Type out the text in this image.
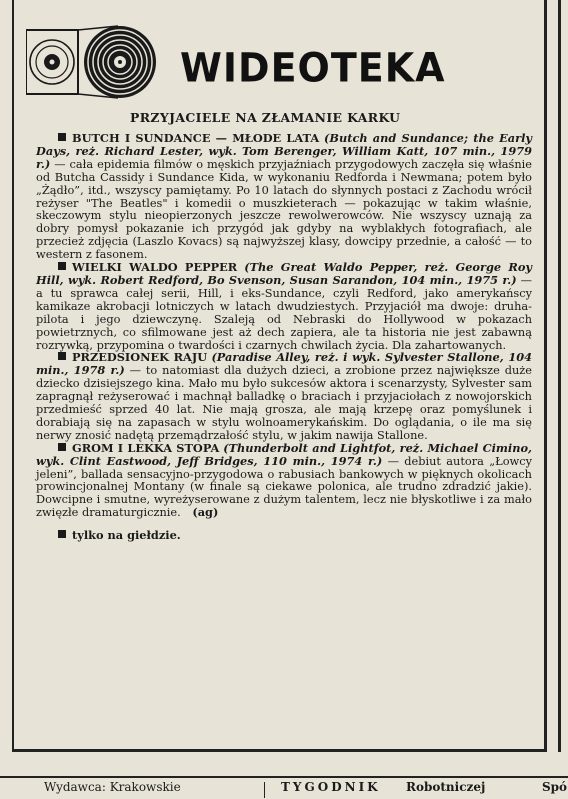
WIDEOTEKA
PRZYJACIELE NA ZŁAMANIE KARKU

BUTCH I SUNDANCE — MŁODE LATA (Butch and Sundance; the Early Days, reż. Richard Lester, wyk. Tom Berenger, William Katt, 107 min., 1979 r.) — cała epidemia filmów o męskich przyjaźniach przygodowych zaczęła się właśnie od Butcha Cassidy i Sundance Kida, w wykonaniu Redforda i Newmana; potem było „Żądło”, itd., wszyscy pamiętamy. Po 10 latach do słynnych postaci z Zachodu wrócił reżyser "The Beatles" i komedii o muszkieterach — pokazując w takim właśnie, skeczowym stylu nieopierzonych jeszcze rewolwerowców. Nie wszyscy uznają za dobry pomysł pokazanie ich przygód jak gdyby na wyblakłych fotografiach, ale przecież zdjęcia (Laszlo Kovacs) są najwyższej klasy, dowcipy przednie, a całość — to western z fasonem.

WIELKI WALDO PEPPER (The Great Waldo Pepper, reż. George Roy Hill, wyk. Robert Redford, Bo Svenson, Susan Sarandon, 104 min., 1975 r.) — a tu sprawca całej serii, Hill, i eks-Sundance, czyli Redford, jako amerykańscy kamikaze akrobacji lotniczych w latach dwudziestych. Przyjaciół ma dwoje: druha-pilota i jego dziewczynę. Szaleją od Nebraski do Hollywood w pokazach powietrznych, co sfilmowane jest aż dech zapiera, ale ta historia nie jest zabawną rozrywką, przypomina o twardości i czarnych chwilach życia. Dla zahartowanych.

PRZEDSIONEK RAJU (Paradise Alley, reż. i wyk. Sylvester Stallone, 104 min., 1978 r.) — to natomiast dla dużych dzieci, a zrobione przez największe duże dziecko dzisiejszego kina. Mało mu było sukcesów aktora i scenarzysty, Sylvester sam zapragnął reżyserować i machnął balladkę o braciach i przyjaciołach z nowojorskich przedmieść sprzed 40 lat. Nie mają grosza, ale mają krzepę oraz pomyślunek i dorabiają się na zapasach w stylu wolnoamerykańskim. Do oglądania, o ile ma się nerwy znosić nadętą przemądrzałość stylu, w jakim nawija Stallone.

GROM I LEKKA STOPA (Thunderbolt and Lightfot, reż. Michael Cimino, wyk. Clint Eastwood, Jeff Bridges, 110 min., 1974 r.) — debiut autora „Łowcy jeleni”, ballada sensacyjno-przygodowa o rabusiach bankowych w pięknych okolicach prowincjonalnej Montany (w finale są ciekawe polonica, ale trudno zdradzić jakie). Dowcipne i smutne, wyreżyserowane z dużym talentem, lecz nie błyskotliwe i za mało zwięzłe dramaturgicznie. (ag)

tylko na giełdzie.

Wydawca: Krakowskie	TYGODNIK Robotniczej	Spó
